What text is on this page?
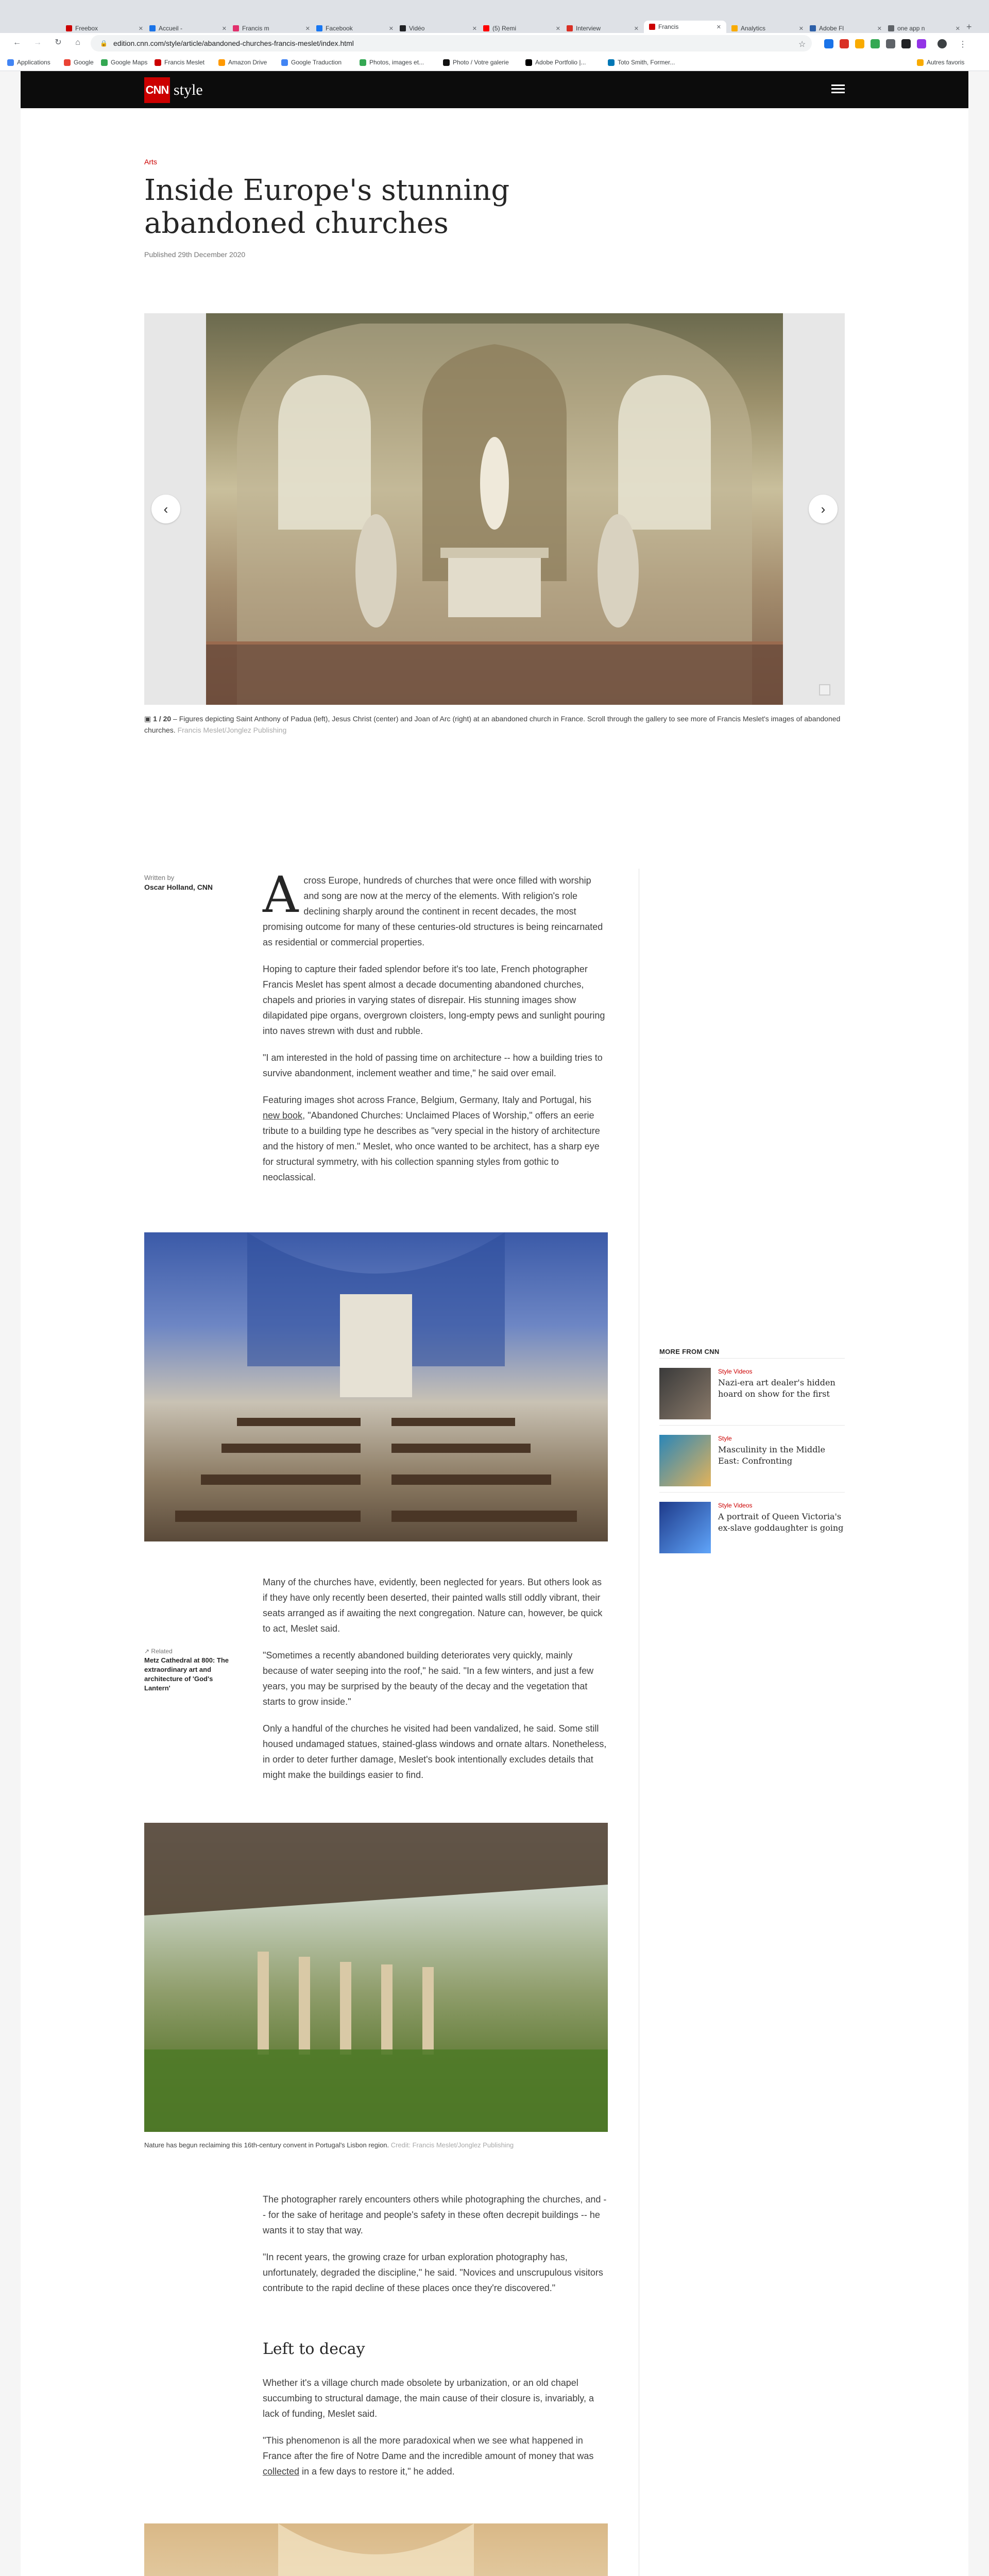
Freebox	✕	Accueil -	✕	Francis m	✕	Facebook	✕	Vidéo	✕	(5) Remi	✕	Interview	✕	Francis	✕	Analytics	✕	Adobe Fl	✕	one app n	✕ +
← → ↻	⌂	🔒 edition.cnn.com/style/article/abandoned-churches-francis-meslet/index.html	☆	⋮
Applications	Google	Google Maps	Francis Meslet	Amazon Drive	Google Traduction	Photos, images et...	Photo / Votre galerie	Adobe Portfolio |...	Toto Smith, Former...	Autres favoris
CNN style
Arts
Inside Europe's stunning abandoned churches
Published 29th December 2020
‹	›
▣ 1 / 20 – Figures depicting Saint Anthony of Padua (left), Jesus Christ (center) and Joan of Arc (right) at an abandoned church in France. Scroll through the gallery to see more of Francis Meslet's images of abandoned churches. Francis Meslet/Jonglez Publishing
Written by
Oscar Holland, CNN Across Europe, hundreds of churches that were once filled with worship and song are now at the mercy of the elements. With religion's role declining sharply around the continent in recent decades, the most promising outcome for many of these centuries-old structures is being reincarnated as residential or commercial properties.

Hoping to capture their faded splendor before it's too late, French photographer Francis Meslet has spent almost a decade documenting abandoned churches, chapels and priories in varying states of disrepair. His stunning images show dilapidated pipe organs, overgrown cloisters, long-empty pews and sunlight pouring into naves strewn with dust and rubble.

"I am interested in the hold of passing time on architecture -- how a building tries to survive abandonment, inclement weather and time," he said over email.

Featuring images shot across France, Belgium, Germany, Italy and Portugal, his new book, "Abandoned Churches: Unclaimed Places of Worship," offers an eerie tribute to a building type he describes as "very special in the history of architecture and the history of men." Meslet, who once wanted to be architect, has a sharp eye for structural symmetry, with his collection spanning styles from gothic to neoclassical.

Many of the churches have, evidently, been neglected for years. But others look as if they have only recently been deserted, their painted walls still oddly vibrant, their seats arranged as if awaiting the next congregation. Nature can, however, be quick to act, Meslet said.

"Sometimes a recently abandoned building deteriorates very quickly, mainly because of water seeping into the roof," he said. "In a few winters, and just a few years, you may be surprised by the beauty of the decay and the vegetation that starts to grow inside."

Only a handful of the churches he visited had been vandalized, he said. Some still housed undamaged statues, stained-glass windows and ornate altars. Nonetheless, in order to deter further damage, Meslet's book intentionally excludes details that might make the buildings easier to find.

↗ Related
Metz Cathedral at 800: The extraordinary art and architecture of 'God's Lantern'
Nature has begun reclaiming this 16th-century convent in Portugal's Lisbon region. Credit: Francis Meslet/Jonglez Publishing

The photographer rarely encounters others while photographing the churches, and -- for the sake of heritage and people's safety in these often decrepit buildings -- he wants it to stay that way.

"In recent years, the growing craze for urban exploration photography has, unfortunately, degraded the discipline," he said. "Novices and unscrupulous visitors contribute to the rapid decline of these places once they're discovered."

Left to decay

Whether it's a village church made obsolete by urbanization, or an old chapel succumbing to structural damage, the main cause of their closure is, invariably, a lack of funding, Meslet said.

"This phenomenon is all the more paradoxical when we see what happened in France after the fire of Notre Dame and the incredible amount of money that was collected in a few days to restore it," he added.

MORE FROM CNN
Style Videos
Nazi-era art dealer's hidden hoard on show for the first
Style
Masculinity in the Middle East: Confronting
Style Videos
A portrait of Queen Victoria's ex-slave goddaughter is going
